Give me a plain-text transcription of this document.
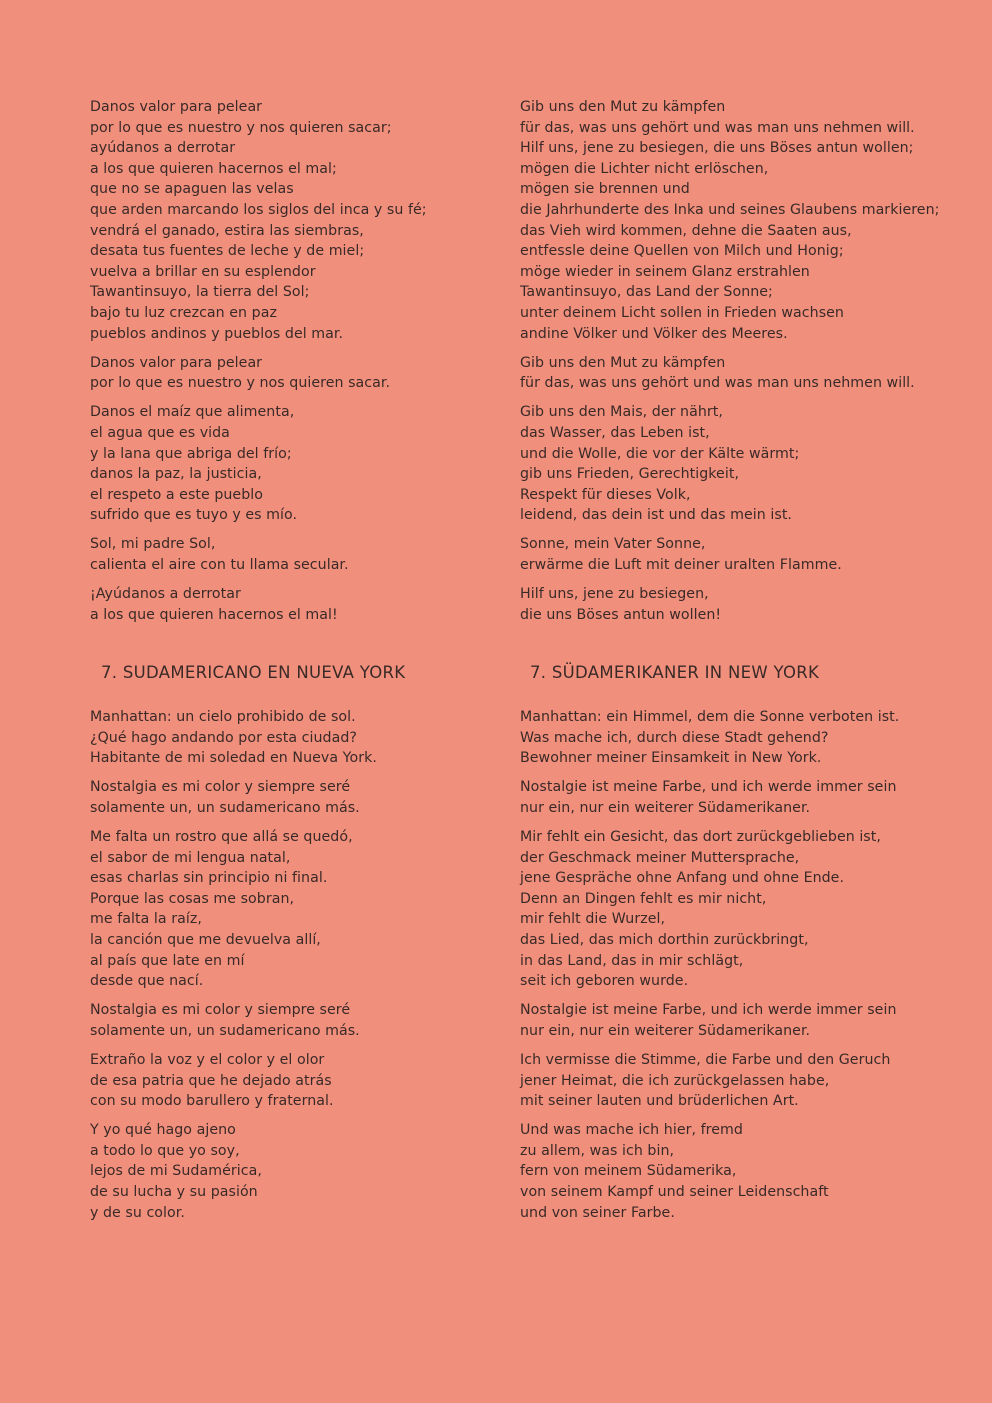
Danos valor para pelear
por lo que es nuestro y nos quieren sacar;
ayúdanos a derrotar
a los que quieren hacernos el mal;
que no se apaguen las velas
que arden marcando los siglos del inca y su fé;
vendrá el ganado, estira las siembras,
desata tus fuentes de leche y de miel;
vuelva a brillar en su esplendor
Tawantinsuyo, la tierra del Sol;
bajo tu luz crezcan en paz
pueblos andinos y pueblos del mar.
Danos valor para pelear
por lo que es nuestro y nos quieren sacar.
Danos el maíz que alimenta,
el agua que es vida
y la lana que abriga del frío;
danos la paz, la justicia,
el respeto a este pueblo
sufrido que es tuyo y es mío.
Sol, mi padre Sol,
calienta el aire con tu llama secular.
¡Ayúdanos a derrotar
a los que quieren hacernos el mal!
Gib uns den Mut zu kämpfen
für das, was uns gehört und was man uns nehmen will.
Hilf uns, jene zu besiegen, die uns Böses antun wollen;
mögen die Lichter nicht erlöschen,
mögen sie brennen und
die Jahrhunderte des Inka und seines Glaubens markieren;
das Vieh wird kommen, dehne die Saaten aus,
entfessle deine Quellen von Milch und Honig;
möge wieder in seinem Glanz erstrahlen
Tawantinsuyo, das Land der Sonne;
unter deinem Licht sollen in Frieden wachsen
andine Völker und Völker des Meeres.
Gib uns den Mut zu kämpfen
für das, was uns gehört und was man uns nehmen will.
Gib uns den Mais, der nährt,
das Wasser, das Leben ist,
und die Wolle, die vor der Kälte wärmt;
gib uns Frieden, Gerechtigkeit,
Respekt für dieses Volk,
leidend, das dein ist und das mein ist.
Sonne, mein Vater Sonne,
erwärme die Luft mit deiner uralten Flamme.
Hilf uns, jene zu besiegen,
die uns Böses antun wollen!
7. SUDAMERICANO EN NUEVA YORK	7. SÜDAMERIKANER IN NEW YORK
Manhattan: un cielo prohibido de sol.
¿Qué hago andando por esta ciudad?
Habitante de mi soledad en Nueva York.
Nostalgia es mi color y siempre seré
solamente un, un sudamericano más.
Me falta un rostro que allá se quedó,
el sabor de mi lengua natal,
esas charlas sin principio ni final.
Porque las cosas me sobran,
me falta la raíz,
la canción que me devuelva allí,
al país que late en mí
desde que nací.
Nostalgia es mi color y siempre seré
solamente un, un sudamericano más.
Extraño la voz y el color y el olor
de esa patria que he dejado atrás
con su modo barullero y fraternal.
Y yo qué hago ajeno
a todo lo que yo soy,
lejos de mi Sudamérica,
de su lucha y su pasión
y de su color.
Manhattan: ein Himmel, dem die Sonne verboten ist.
Was mache ich, durch diese Stadt gehend?
Bewohner meiner Einsamkeit in New York.
Nostalgie ist meine Farbe, und ich werde immer sein
nur ein, nur ein weiterer Südamerikaner.
Mir fehlt ein Gesicht, das dort zurückgeblieben ist,
der Geschmack meiner Muttersprache,
jene Gespräche ohne Anfang und ohne Ende.
Denn an Dingen fehlt es mir nicht,
mir fehlt die Wurzel,
das Lied, das mich dorthin zurückbringt,
in das Land, das in mir schlägt,
seit ich geboren wurde.
Nostalgie ist meine Farbe, und ich werde immer sein
nur ein, nur ein weiterer Südamerikaner.
Ich vermisse die Stimme, die Farbe und den Geruch
jener Heimat, die ich zurückgelassen habe,
mit seiner lauten und brüderlichen Art.
Und was mache ich hier, fremd
zu allem, was ich bin,
fern von meinem Südamerika,
von seinem Kampf und seiner Leidenschaft
und von seiner Farbe.
